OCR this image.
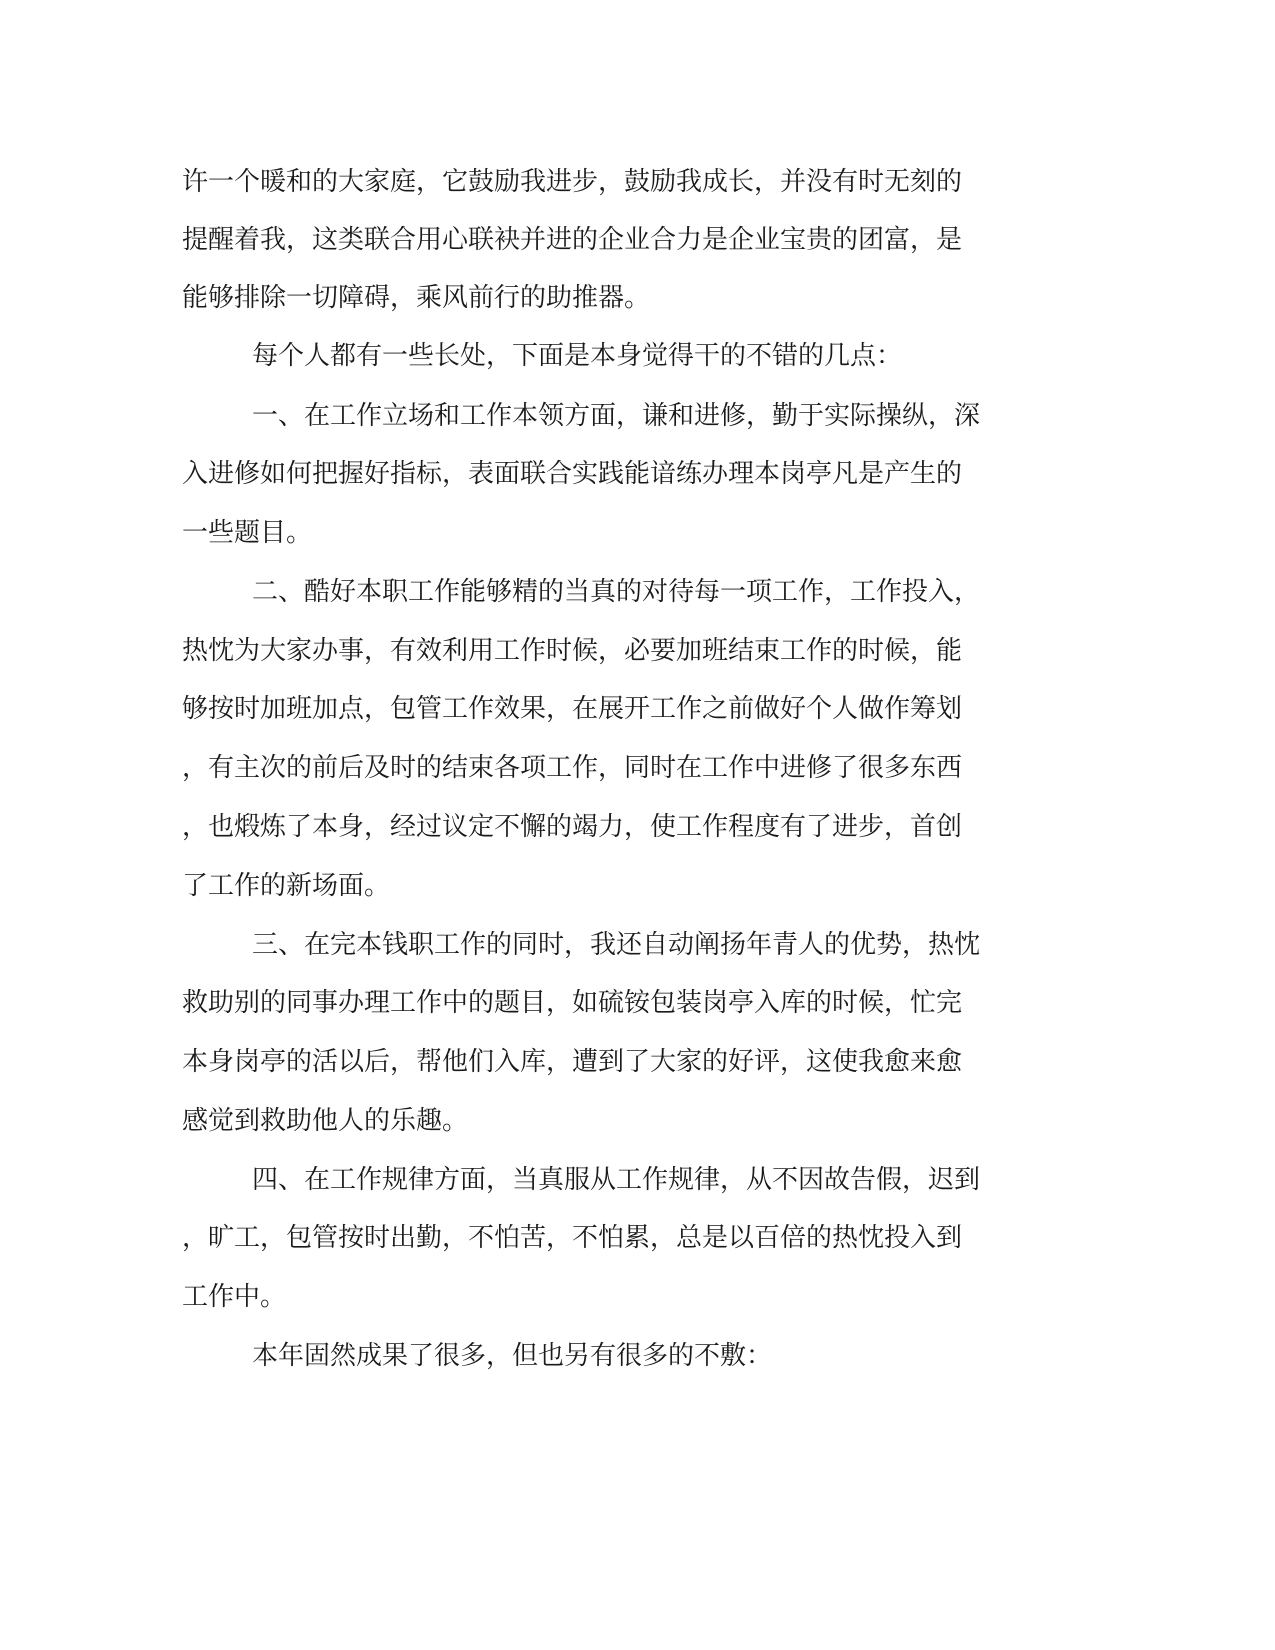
许一个暖和的大家庭，它鼓励我进步，鼓励我成长，并没有时无刻的
提醒着我，这类联合用心联袂并进的企业合力是企业宝贵的团富，是
能够排除一切障碍，乘风前行的助推器。
每个人都有一些长处，下面是本身觉得干的不错的几点：
一、在工作立场和工作本领方面，谦和进修，勤于实际操纵，深
入进修如何把握好指标，表面联合实践能谙练办理本岗亭凡是产生的
一些题目。
二、酷好本职工作能够精的当真的对待每一项工作，工作投入，
热忱为大家办事，有效利用工作时候，必要加班结束工作的时候，能
够按时加班加点，包管工作效果，在展开工作之前做好个人做作筹划
，有主次的前后及时的结束各项工作，同时在工作中进修了很多东西
，也煅炼了本身，经过议定不懈的竭力，使工作程度有了进步，首创
了工作的新场面。
三、在完本钱职工作的同时，我还自动阐扬年青人的优势，热忱
救助别的同事办理工作中的题目，如硫铵包装岗亭入库的时候，忙完
本身岗亭的活以后，帮他们入库，遭到了大家的好评，这使我愈来愈
感觉到救助他人的乐趣。
四、在工作规律方面，当真服从工作规律，从不因故告假，迟到
，旷工，包管按时出勤，不怕苦，不怕累，总是以百倍的热忱投入到
工作中。
本年固然成果了很多，但也另有很多的不敷：
